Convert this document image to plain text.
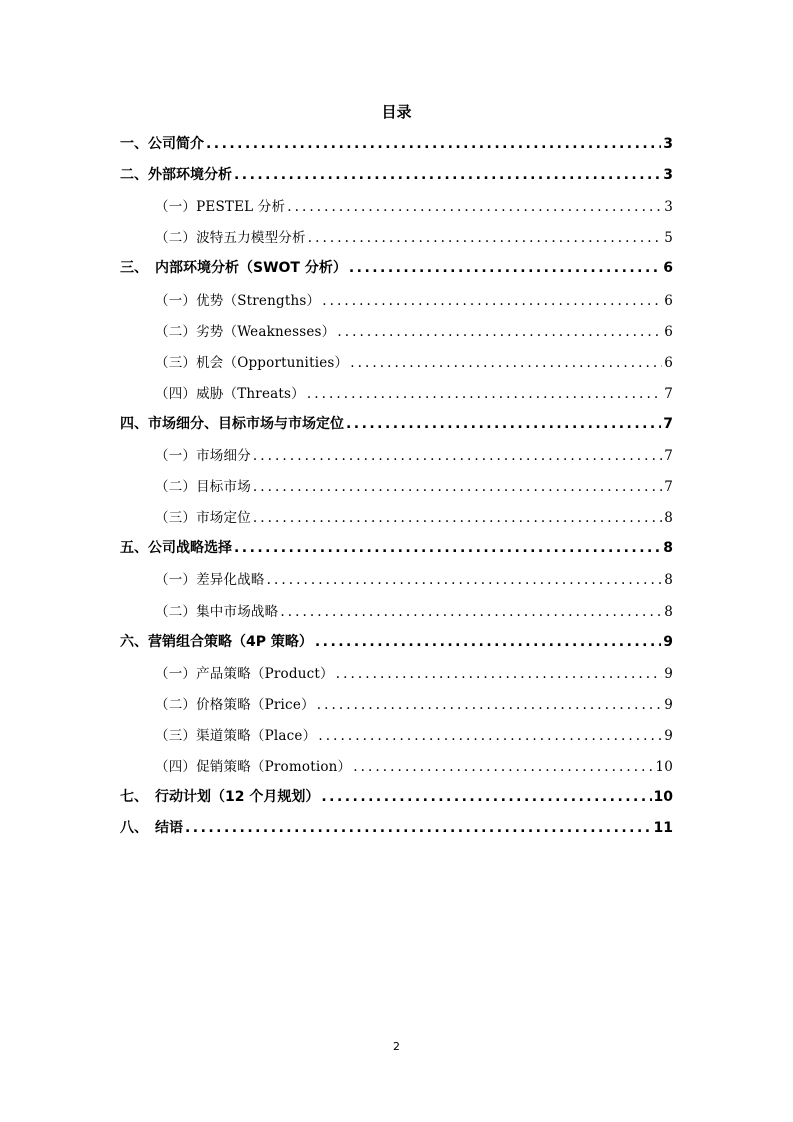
目录
一、公司简介 . . .	3
二、外部环境分析 . . .	3
（一）PESTEL 分析 . . .	3
（二）波特五力模型分析 . . .	5
三、　内部环境分析（SWOT 分析） . . .	6
（一）优势（Strengths） . . .	6
（二）劣势（Weaknesses） . . .	6
（三）机会（Opportunities） . . .	6
（四）威胁（Threats） . . .	7
四、市场细分、目标市场与市场定位 . . .	7
（一）市场细分 . . .	7
（二）目标市场 . . .	7
（三）市场定位 . . .	8
五、公司战略选择 . . .	8
（一）差异化战略 . . .	8
（二）集中市场战略 . . .	8
六、营销组合策略（4P 策略） . . .	9
（一）产品策略（Product） . . .	9
（二）价格策略（Price） . . .	9
（三）渠道策略（Place） . . .	9
（四）促销策略（Promotion） . . .	10
七、　行动计划（12 个月规划） . . .	10
八、　结语 . . .	11
2
